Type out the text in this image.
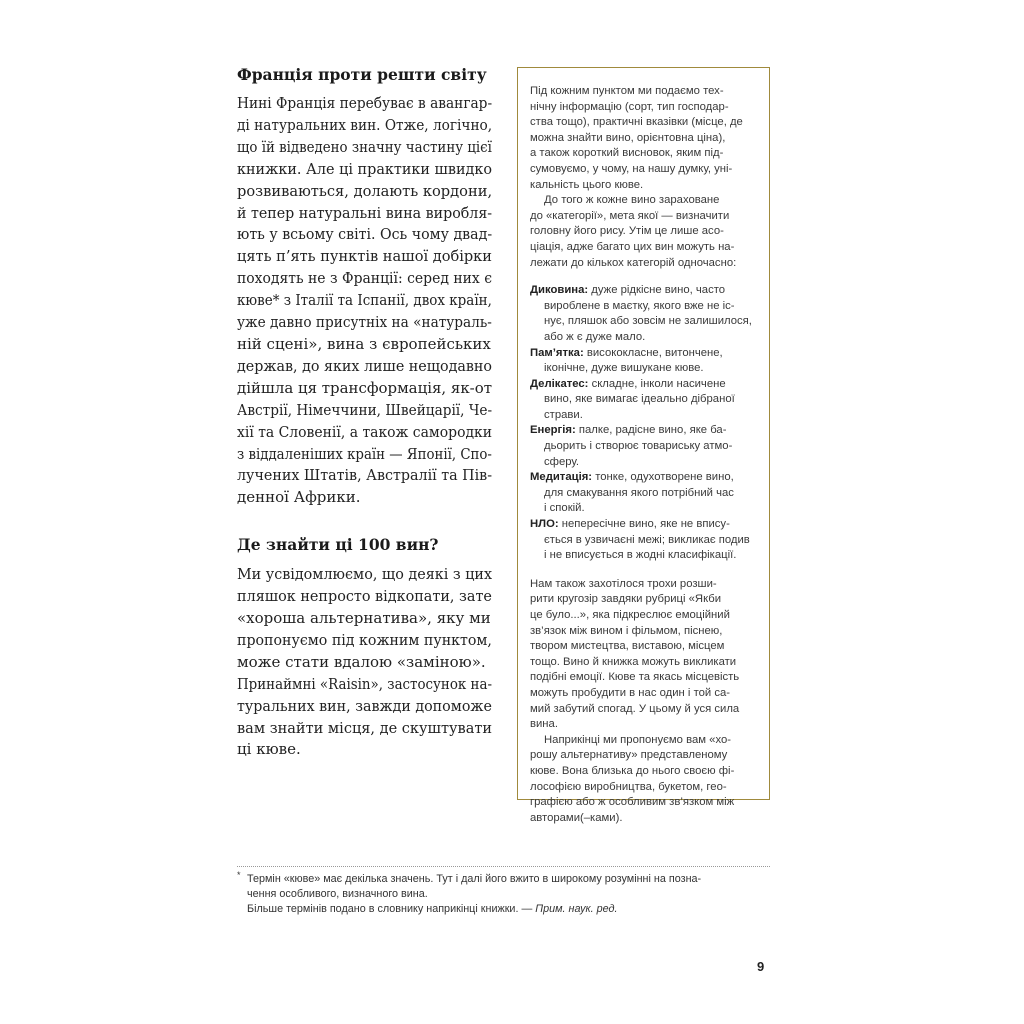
Франція проти решти світу

Нині Франція перебуває в авангар-

ді натуральних вин. Отже, логічно,

що їй відведено значну частину цієї

книжки. Але ці практики швидко

розвиваються, долають кордони,

й тепер натуральні вина виробля-

ють у всьому світі. Ось чому двад-

цять п’ять пунктів нашої добірки

походять не з Франції: серед них є

кюве* з Італії та Іспанії, двох країн,

уже давно присутніх на «натураль-

ній сцені», вина з європейських

держав, до яких лише нещодавно

дійшла ця трансформація, як-от

Австрії, Німеччини, Швейцарії, Че-

хії та Словенії, а також самородки

з віддаленіших країн — Японії, Спо-

лучених Штатів, Австралії та Пів-

денної Африки.

Де знайти ці 100 вин?

Ми усвідомлюємо, що деякі з цих

пляшок непросто відкопати, зате

«хороша альтернатива», яку ми

пропонуємо під кожним пунктом,

може стати вдалою «заміною».

Принаймні «Raisin», застосунок на-

туральних вин, завжди допоможе

вам знайти місця, де скуштувати

ці кюве.

Під кожним пунктом ми подаємо тех-

нічну інформацію (сорт, тип господар-

ства тощо), практичні вказівки (місце, де

можна знайти вино, орієнтовна ціна),

а також короткий висновок, яким під-

сумовуємо, у чому, на нашу думку, уні-

кальність цього кюве.

До того ж кожне вино зараховане

до «категорії», мета якої — визначити

головну його рису. Утім це лише асо-

ціація, адже багато цих вин можуть на-

лежати до кількох категорій одночасно:

Диковина: дуже рідкісне вино, часто

вироблене в маєтку, якого вже не іс-

нує, пляшок або зовсім не залишилося,

або ж є дуже мало.

Пам’ятка: висококласне, витончене,

іконічне, дуже вишукане кюве.

Делікатес: складне, інколи насичене

вино, яке вимагає ідеально дібраної

страви.

Енергія: палке, радісне вино, яке ба-

дьорить і створює товариську атмо-

сферу.

Медитація: тонке, одухотворене вино,

для смакування якого потрібний час

і спокій.

НЛО: непересічне вино, яке не впису-

ється в узвичаєні межі; викликає подив

і не вписується в жодні класифікації.

Нам також захотілося трохи розши-

рити кругозір завдяки рубриці «Якби

це було...», яка підкреслює емоційний

зв’язок між вином і фільмом, піснею,

твором мистецтва, виставою, місцем

тощо. Вино й книжка можуть викликати

подібні емоції. Кюве та якась місцевість

можуть пробудити в нас один і той са-

мий забутий спогад. У цьому й уся сила

вина.

Наприкінці ми пропонуємо вам «хо-

рошу альтернативу» представленому

кюве. Вона близька до нього своєю фі-

лософією виробництва, букетом, гео-

графією або ж особливим зв’язком між

авторами(–ками).

* Термін «кюве» має декілька значень. Тут і далі його вжито в широкому розумінні на позна-

чення особливого, визначного вина.

Більше термінів подано в словнику наприкінці книжки. — Прим. наук. ред.

9
